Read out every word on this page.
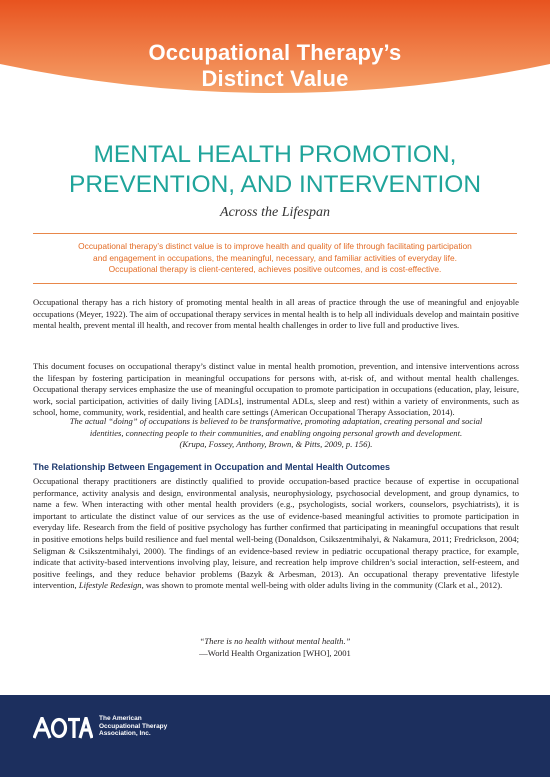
Occupational Therapy’s
Distinct Value
MENTAL HEALTH PROMOTION,
PREVENTION, AND INTERVENTION
Across the Lifespan
Occupational therapy’s distinct value is to improve health and quality of life through facilitating participation
and engagement in occupations, the meaningful, necessary, and familiar activities of everyday life.
Occupational therapy is client-centered, achieves positive outcomes, and is cost-effective.

Occupational therapy has a rich history of promoting mental health in all areas of practice through the use of meaningful and enjoyable occupations (Meyer, 1922). The aim of occupational therapy services in mental health is to help all individuals develop and maintain positive mental health, prevent mental ill health, and recover from mental health challenges in order to live full and productive lives.

This document focuses on occupational therapy’s distinct value in mental health promotion, prevention, and intensive interventions across the lifespan by fostering participation in meaningful occupations for persons with, at-risk of, and without mental health challenges. Occupational therapy services emphasize the use of meaningful occupation to promote participation in occupations (education, play, leisure, work, social participation, activities of daily living [ADLs], instrumental ADLs, sleep and rest) within a variety of environments, such as school, home, community, work, residential, and health care settings (American Occupational Therapy Association, 2014).

The actual “doing” of occupations is believed to be transformative, promoting adaptation, creating personal and social
identities, connecting people to their communities, and enabling ongoing personal growth and development.
(Krupa, Fossey, Anthony, Brown, & Pitts, 2009, p. 156).
The Relationship Between Engagement in Occupation and Mental Health Outcomes

Occupational therapy practitioners are distinctly qualified to provide occupation-based practice because of expertise in occupational performance, activity analysis and design, environmental analysis, neurophysiology, psychosocial development, and group dynamics, to name a few. When interacting with other mental health providers (e.g., psychologists, social workers, counselors, psychiatrists), it is important to articulate the distinct value of our services as the use of evidence-based meaningful activities to promote participation in everyday life. Research from the field of positive psychology has further confirmed that participating in meaningful occupations that result in positive emotions helps build resilience and fuel mental well-being (Donaldson, Csikszentmihalyi, & Nakamura, 2011; Fredrickson, 2004; Seligman & Csikszentmihalyi, 2000). The findings of an evidence-based review in pediatric occupational therapy practice, for example, indicate that activity-based interventions involving play, leisure, and recreation help improve children’s social interaction, self-esteem, and positive feelings, and they reduce behavior problems (Bazyk & Arbesman, 2013). An occupational therapy preventative lifestyle intervention, Lifestyle Redesign, was shown to promote mental well-being with older adults living in the community (Clark et al., 2012).

“There is no health without mental health.”
—World Health Organization [WHO], 2001
The American
Occupational Therapy
Association, Inc.
